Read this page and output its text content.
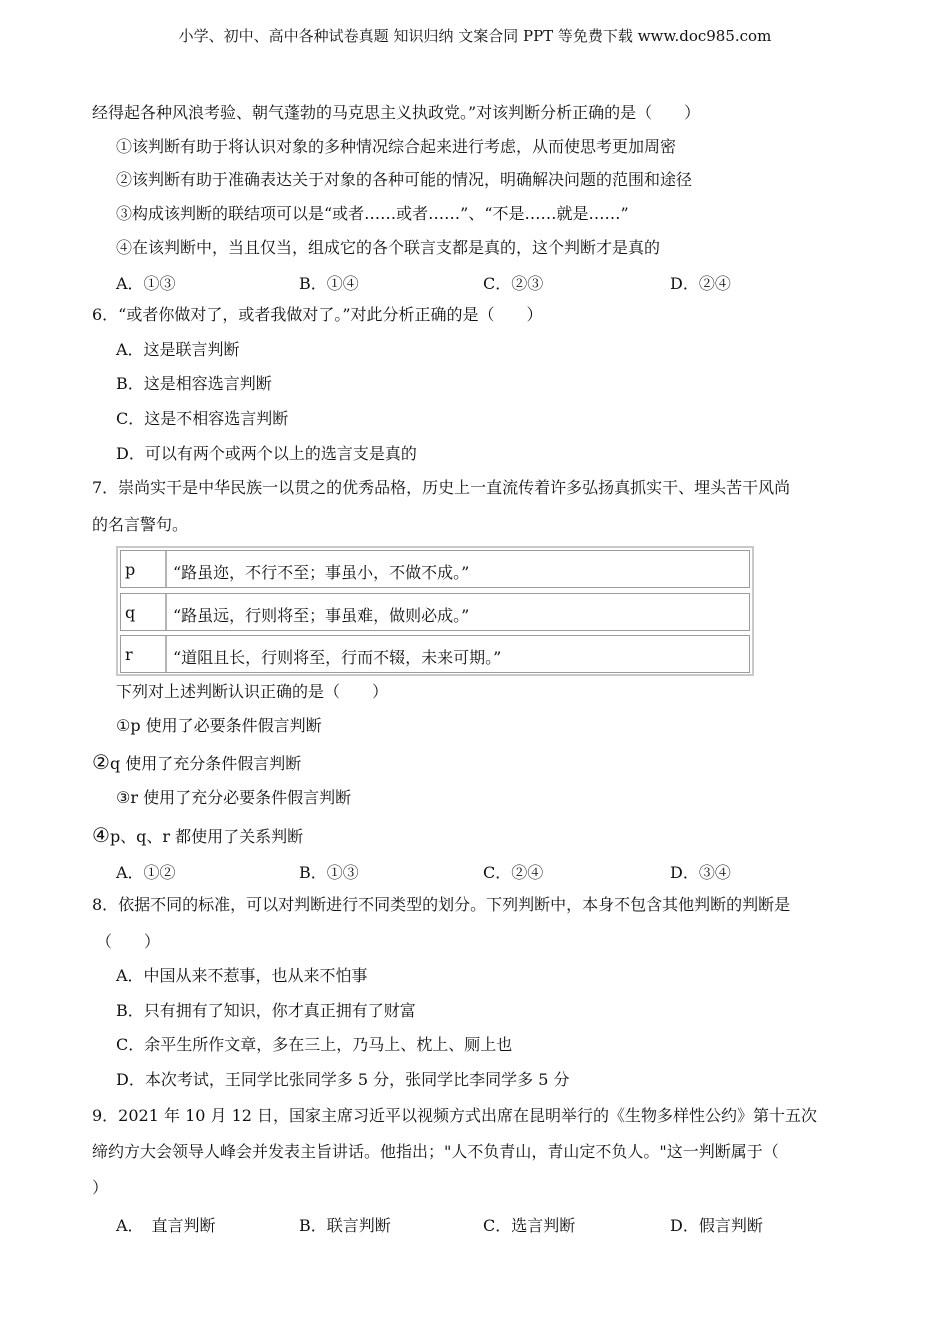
小学、初中、高中各种试卷真题 知识归纳 文案合同 PPT 等免费下载 www.doc985.com
经得起各种风浪考验、朝气蓬勃的马克思主义执政党。”对该判断分析正确的是（　　）
①该判断有助于将认识对象的多种情况综合起来进行考虑，从而使思考更加周密
②该判断有助于准确表达关于对象的各种可能的情况，明确解决问题的范围和途径
③构成该判断的联结项可以是“或者……或者……”、“不是……就是……”
④在该判断中，当且仅当，组成它的各个联言支都是真的，这个判断才是真的
A．①③	B．①④	C．②③	D．②④
6．“或者你做对了，或者我做对了。”对此分析正确的是（　　）
A．这是联言判断
B．这是相容选言判断
C．这是不相容选言判断
D．可以有两个或两个以上的选言支是真的
7．崇尚实干是中华民族一以贯之的优秀品格，历史上一直流传着许多弘扬真抓实干、埋头苦干风尚
的名言警句。
p “路虽迩，不行不至；事虽小，不做不成。”
q “路虽远，行则将至；事虽难，做则必成。”
r	“道阻且长，行则将至，行而不辍，未来可期。”
下列对上述判断认识正确的是（　　）
①p 使用了必要条件假言判断
②q 使用了充分条件假言判断
③r 使用了充分必要条件假言判断
④p、q、r 都使用了关系判断
A．①②	B．①③	C．②④	D．③④
8．依据不同的标准，可以对判断进行不同类型的划分。下列判断中，本身不包含其他判断的判断是
（　　）
A．中国从来不惹事，也从来不怕事
B．只有拥有了知识，你才真正拥有了财富
C．余平生所作文章，多在三上，乃马上、枕上、厕上也
D．本次考试，王同学比张同学多 5 分，张同学比李同学多 5 分
9．2021 年 10 月 12 日，国家主席习近平以视频方式出席在昆明举行的《生物多样性公约》第十五次
缔约方大会领导人峰会并发表主旨讲话。他指出；"人不负青山，青山定不负人。"这一判断属于（
）
A．　直言判断	B．联言判断	C．选言判断	D．假言判断
